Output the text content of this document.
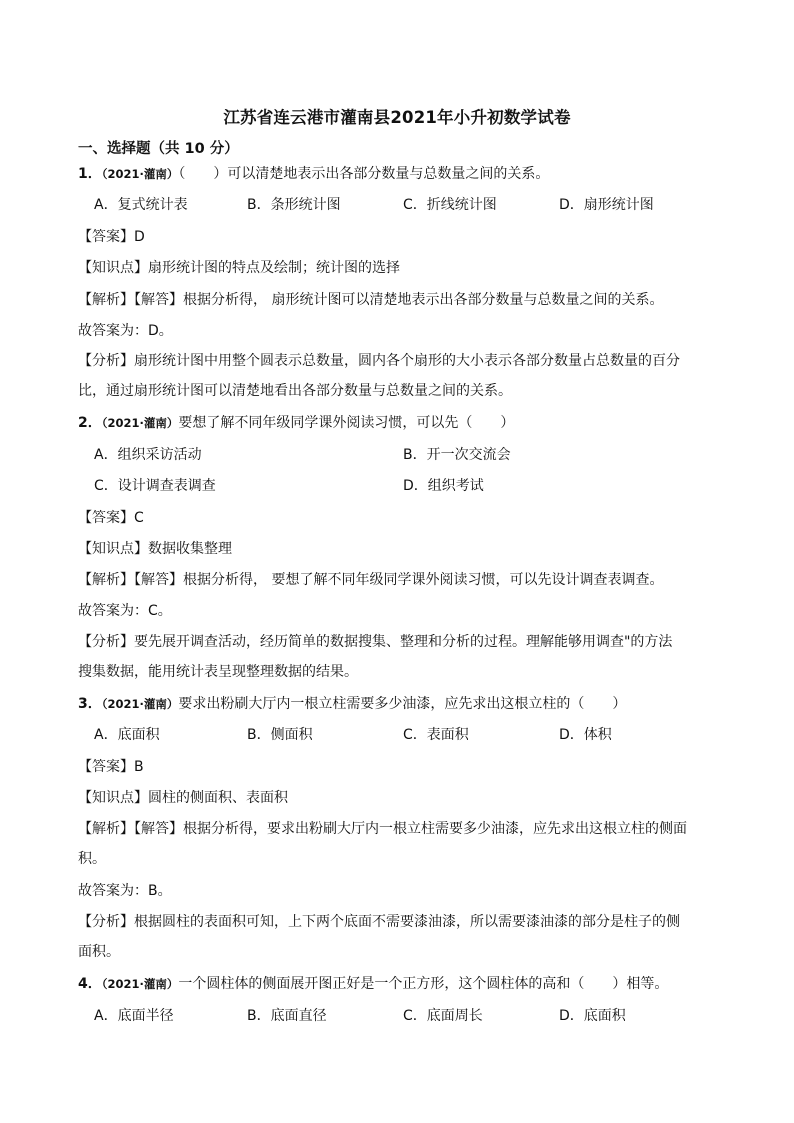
江苏省连云港市灌南县2021年小升初数学试卷
一、选择题（共 10 分）
1．（2021·灌南）（　　）可以清楚地表示出各部分数量与总数量之间的关系。
A．复式统计表	B．条形统计图	C．折线统计图	D．扇形统计图
【答案】D
【知识点】扇形统计图的特点及绘制；统计图的选择
【解析】【解答】根据分析得， 扇形统计图可以清楚地表示出各部分数量与总数量之间的关系。
故答案为：D。
【分析】扇形统计图中用整个圆表示总数量，圆内各个扇形的大小表示各部分数量占总数量的百分
比，通过扇形统计图可以清楚地看出各部分数量与总数量之间的关系。
2．（2021·灌南）要想了解不同年级同学课外阅读习惯，可以先（　　）
A．组织采访活动	B．开一次交流会
C．设计调查表调查	D．组织考试
【答案】C
【知识点】数据收集整理
【解析】【解答】根据分析得， 要想了解不同年级同学课外阅读习惯，可以先设计调查表调查。
故答案为：C。
【分析】要先展开调查活动，经历简单的数据搜集、整理和分析的过程。理解能够用调查"的方法
搜集数据，能用统计表呈现整理数据的结果。
3．（2021·灌南）要求出粉刷大厅内一根立柱需要多少油漆，应先求出这根立柱的（　　）
A．底面积	B．侧面积	C．表面积	D．体积
【答案】B
【知识点】圆柱的侧面积、表面积
【解析】【解答】根据分析得，要求出粉刷大厅内一根立柱需要多少油漆，应先求出这根立柱的侧面
积。
故答案为：B。
【分析】根据圆柱的表面积可知，上下两个底面不需要漆油漆，所以需要漆油漆的部分是柱子的侧
面积。
4．（2021·灌南）一个圆柱体的侧面展开图正好是一个正方形，这个圆柱体的高和（　　）相等。
A．底面半径	B．底面直径	C．底面周长	D．底面积
